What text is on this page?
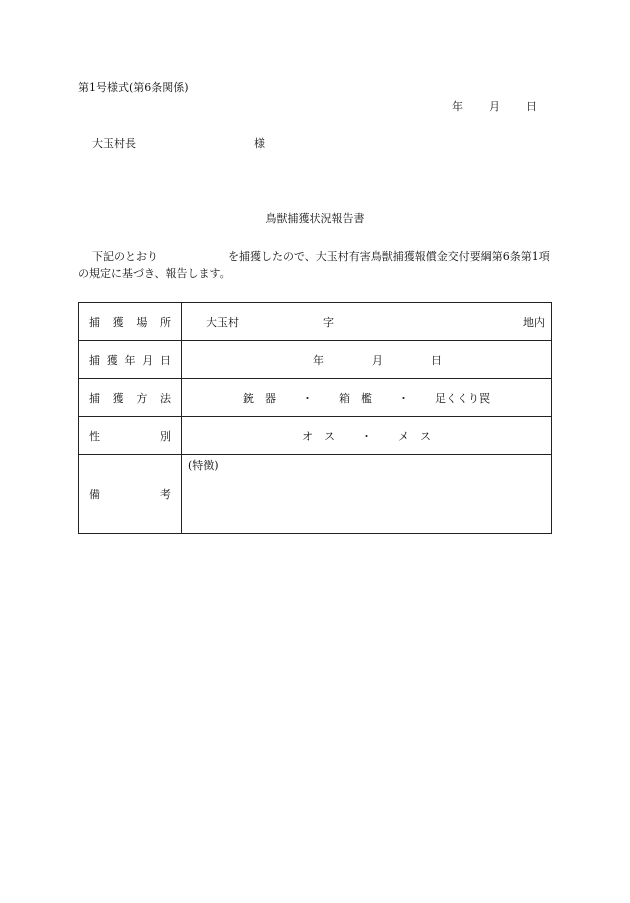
第1号様式(第6条関係)
年 月 日
大玉村長	様
鳥獣捕獲状況報告書
下記のとおり	を捕獲したので、大玉村有害鳥獣捕獲報償金交付要綱第6条第1項の規定に基づき、報告します。
捕 獲 場 所	大玉村 字 地内

捕 獲 年 月 日	年 月 日

捕 獲 方 法	銃　器 ・ 箱　檻 ・ 足くくり罠

性 別	オ　ス ・ メ　ス

備 考	(特徴)
